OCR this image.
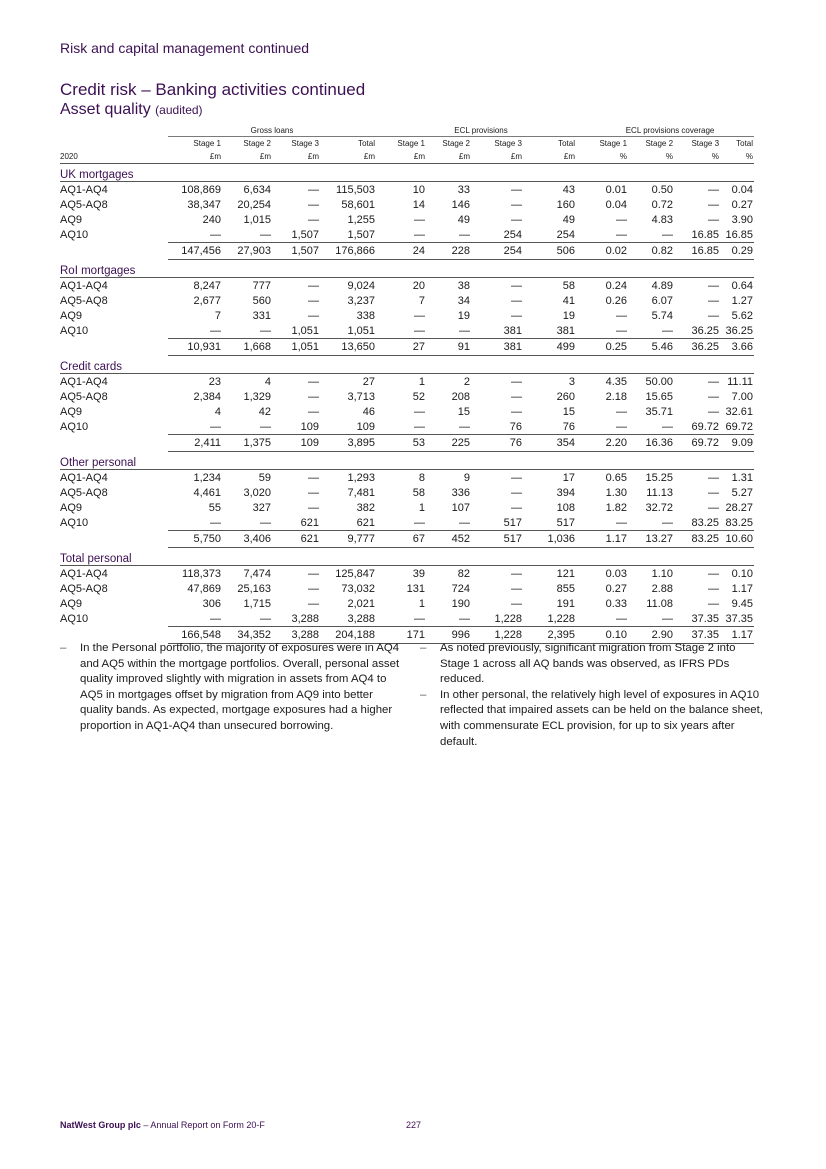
Risk and capital management continued
Credit risk – Banking activities continued
Asset quality (audited)
	Gross loans				ECL provisions				ECL provisions coverage			
	Stage 1	Stage 2	Stage 3	Total	Stage 1	Stage 2	Stage 3	Total	Stage 1	Stage 2	Stage 3	Total
2020	£m	£m	£m	£m	£m	£m	£m	£m	%	%	%	%
UK mortgages												
AQ1-AQ4	108,869	6,634	—	115,503	10	33	—	43	0.01	0.50	—	0.04
AQ5-AQ8	38,347	20,254	—	58,601	14	146	—	160	0.04	0.72	—	0.27
AQ9	240	1,015	—	1,255	—	49	—	49	—	4.83	—	3.90
AQ10	—	—	1,507	1,507	—	—	254	254	—	—	16.85	16.85
	147,456	27,903	1,507	176,866	24	228	254	506	0.02	0.82	16.85	0.29
RoI mortgages												
AQ1-AQ4	8,247	777	—	9,024	20	38	—	58	0.24	4.89	—	0.64
AQ5-AQ8	2,677	560	—	3,237	7	34	—	41	0.26	6.07	—	1.27
AQ9	7	331	—	338	—	19	—	19	—	5.74	—	5.62
AQ10	—	—	1,051	1,051	—	—	381	381	—	—	36.25	36.25
	10,931	1,668	1,051	13,650	27	91	381	499	0.25	5.46	36.25	3.66
Credit cards												
AQ1-AQ4	23	4	—	27	1	2	—	3	4.35	50.00	—	11.11
AQ5-AQ8	2,384	1,329	—	3,713	52	208	—	260	2.18	15.65	—	7.00
AQ9	4	42	—	46	—	15	—	15	—	35.71	—	32.61
AQ10	—	—	109	109	—	—	76	76	—	—	69.72	69.72
	2,411	1,375	109	3,895	53	225	76	354	2.20	16.36	69.72	9.09
Other personal												
AQ1-AQ4	1,234	59	—	1,293	8	9	—	17	0.65	15.25	—	1.31
AQ5-AQ8	4,461	3,020	—	7,481	58	336	—	394	1.30	11.13	—	5.27
AQ9	55	327	—	382	1	107	—	108	1.82	32.72	—	28.27
AQ10	—	—	621	621	—	—	517	517	—	—	83.25	83.25
	5,750	3,406	621	9,777	67	452	517	1,036	1.17	13.27	83.25	10.60
Total personal												
AQ1-AQ4	118,373	7,474	—	125,847	39	82	—	121	0.03	1.10	—	0.10
AQ5-AQ8	47,869	25,163	—	73,032	131	724	—	855	0.27	2.88	—	1.17
AQ9	306	1,715	—	2,021	1	190	—	191	0.33	11.08	—	9.45
AQ10	—	—	3,288	3,288	—	—	1,228	1,228	—	—	37.35	37.35
	166,548	34,352	3,288	204,188	171	996	1,228	2,395	0.10	2.90	37.35	1.17
– In the Personal portfolio, the majority of exposures were in AQ4 and AQ5 within the mortgage portfolios. Overall, personal asset quality improved slightly with migration in assets from AQ4 to AQ5 in mortgages offset by migration from AQ9 into better quality bands. As expected, mortgage exposures had a higher proportion in AQ1-AQ4 than unsecured borrowing.
– As noted previously, significant migration from Stage 2 into Stage 1 across all AQ bands was observed, as IFRS PDs reduced.
– In other personal, the relatively high level of exposures in AQ10 reflected that impaired assets can be held on the balance sheet, with commensurate ECL provision, for up to six years after default.
NatWest Group plc – Annual Report on Form 20-F	227
